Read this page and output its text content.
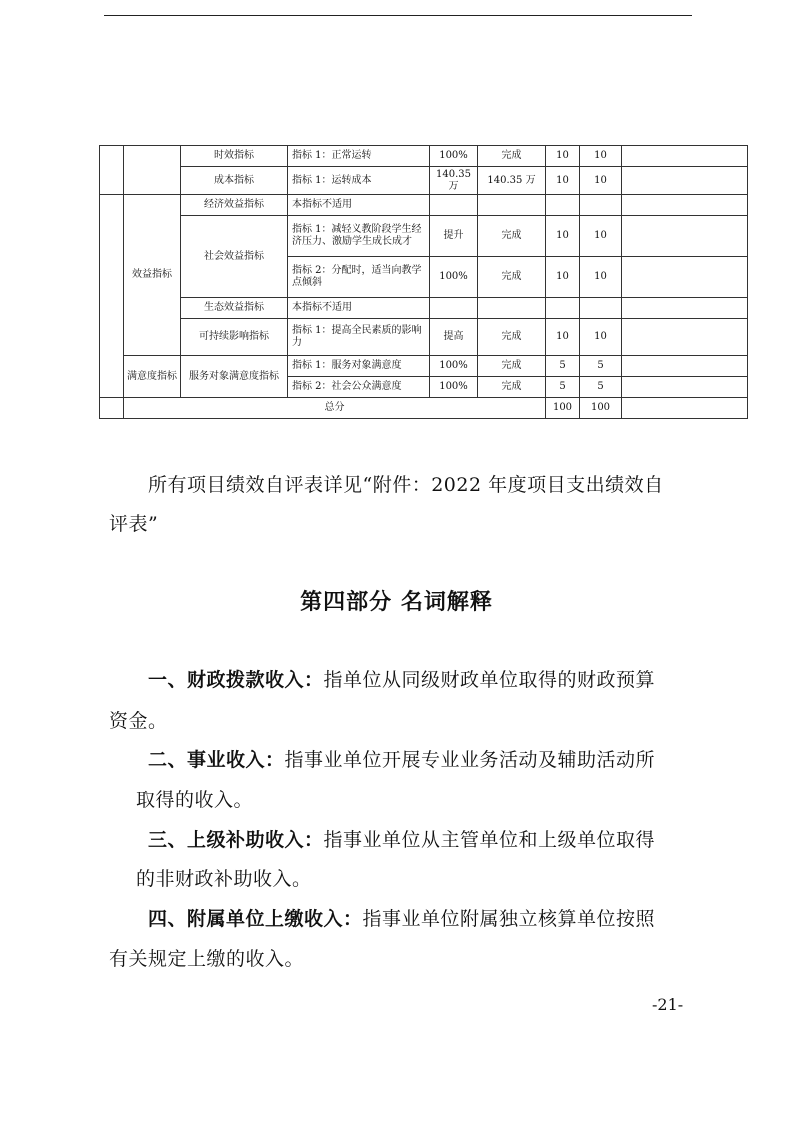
		时效指标	指标 1：正常运转	100%	完成	10	10	
		成本指标	指标 1：运转成本	140.35万	140.35 万	10	10	
	效益指标	经济效益指标	本指标不适用					
		社会效益指标	指标 1：减轻义教阶段学生经济压力、激励学生成长成才	提升	完成	10	10	
			指标 2：分配时，适当向教学点倾斜	100%	完成	10	10	
		生态效益指标	本指标不适用					
		可持续影响指标	指标 1：提高全民素质的影响力	提高	完成	10	10	
	满意度指标	服务对象满意度指标	指标 1：服务对象满意度	100%	完成	5	5	
			指标 2：社会公众满意度	100%	完成	5	5	
	总分					100	100	
所有项目绩效自评表详见“附件：2022 年度项目支出绩效自
评表”
第四部分 名词解释
一、财政拨款收入：指单位从同级财政单位取得的财政预算
资金。
二、事业收入：指事业单位开展专业业务活动及辅助活动所
取得的收入。
三、上级补助收入：指事业单位从主管单位和上级单位取得
的非财政补助收入。
四、附属单位上缴收入：指事业单位附属独立核算单位按照
有关规定上缴的收入。
-21-
